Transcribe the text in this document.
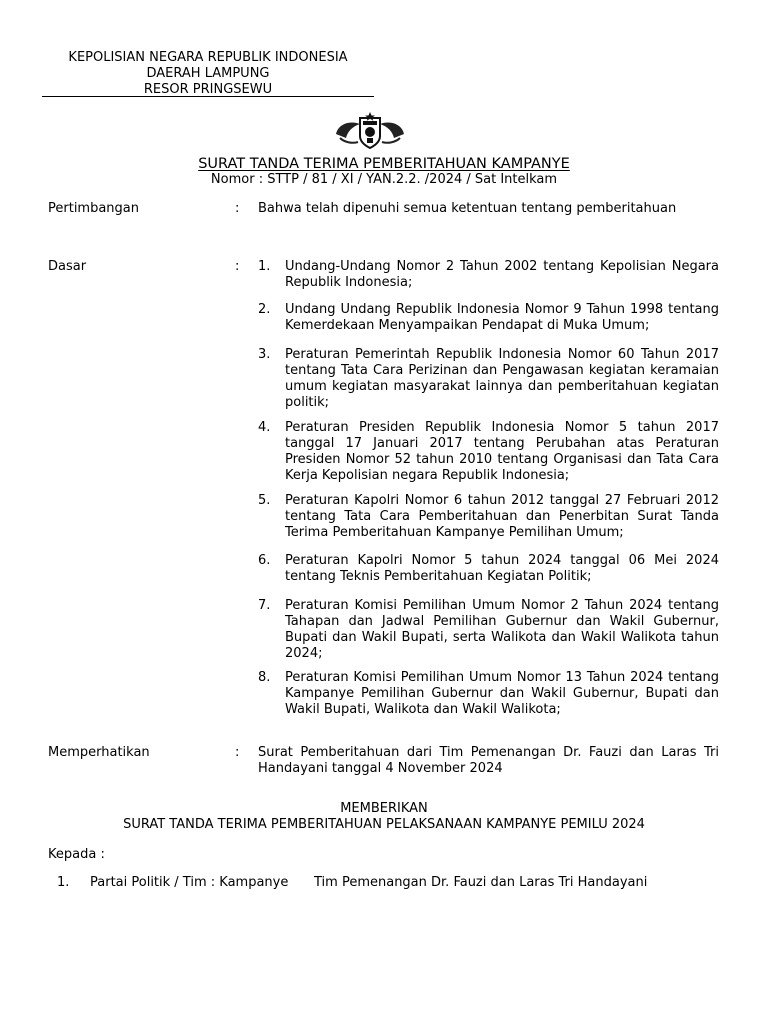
KEPOLISIAN NEGARA REPUBLIK INDONESIA
DAERAH LAMPUNG
RESOR PRINGSEWU
SURAT TANDA TERIMA PEMBERITAHUAN KAMPANYE
Nomor : STTP / 81 / XI / YAN.2.2. /2024 / Sat Intelkam
Pertimbangan	: Bahwa telah dipenuhi semua ketentuan tentang pemberitahuan
Dasar	: 1.	Undang-Undang Nomor 2 Tahun 2002 tentang Kepolisian Negara Republik Indonesia;
2.	Undang Undang Republik Indonesia Nomor 9 Tahun 1998 tentang Kemerdekaan Menyampaikan Pendapat di Muka Umum;
3.	Peraturan Pemerintah Republik Indonesia Nomor 60 Tahun 2017 tentang Tata Cara Perizinan dan Pengawasan kegiatan keramaian umum kegiatan masyarakat lainnya dan pemberitahuan kegiatan politik;
4.	Peraturan Presiden Republik Indonesia Nomor 5 tahun 2017 tanggal 17 Januari 2017 tentang Perubahan atas Peraturan Presiden Nomor 52 tahun 2010 tentang Organisasi dan Tata Cara Kerja Kepolisian negara Republik Indonesia;
5.	Peraturan Kapolri Nomor 6 tahun 2012 tanggal 27 Februari 2012 tentang Tata Cara Pemberitahuan dan Penerbitan Surat Tanda Terima Pemberitahuan Kampanye Pemilihan Umum;
6.	Peraturan Kapolri Nomor 5 tahun 2024 tanggal 06 Mei 2024 tentang Teknis Pemberitahuan Kegiatan Politik;
7.	Peraturan Komisi Pemilihan Umum Nomor 2 Tahun 2024 tentang Tahapan dan Jadwal Pemilihan Gubernur dan Wakil Gubernur, Bupati dan Wakil Bupati, serta Walikota dan Wakil Walikota tahun 2024;
8.	Peraturan Komisi Pemilihan Umum Nomor 13 Tahun 2024 tentang Kampanye Pemilihan Gubernur dan Wakil Gubernur, Bupati dan Wakil Bupati, Walikota dan Wakil Walikota;
Memperhatikan	: Surat Pemberitahuan dari Tim Pemenangan Dr. Fauzi dan Laras Tri Handayani tanggal 4 November 2024
MEMBERIKAN
SURAT TANDA TERIMA PEMBERITAHUAN PELAKSANAAN KAMPANYE PEMILU 2024
Kepada :
1. Partai Politik / Tim : Kampanye	Tim Pemenangan Dr. Fauzi dan Laras Tri Handayani
